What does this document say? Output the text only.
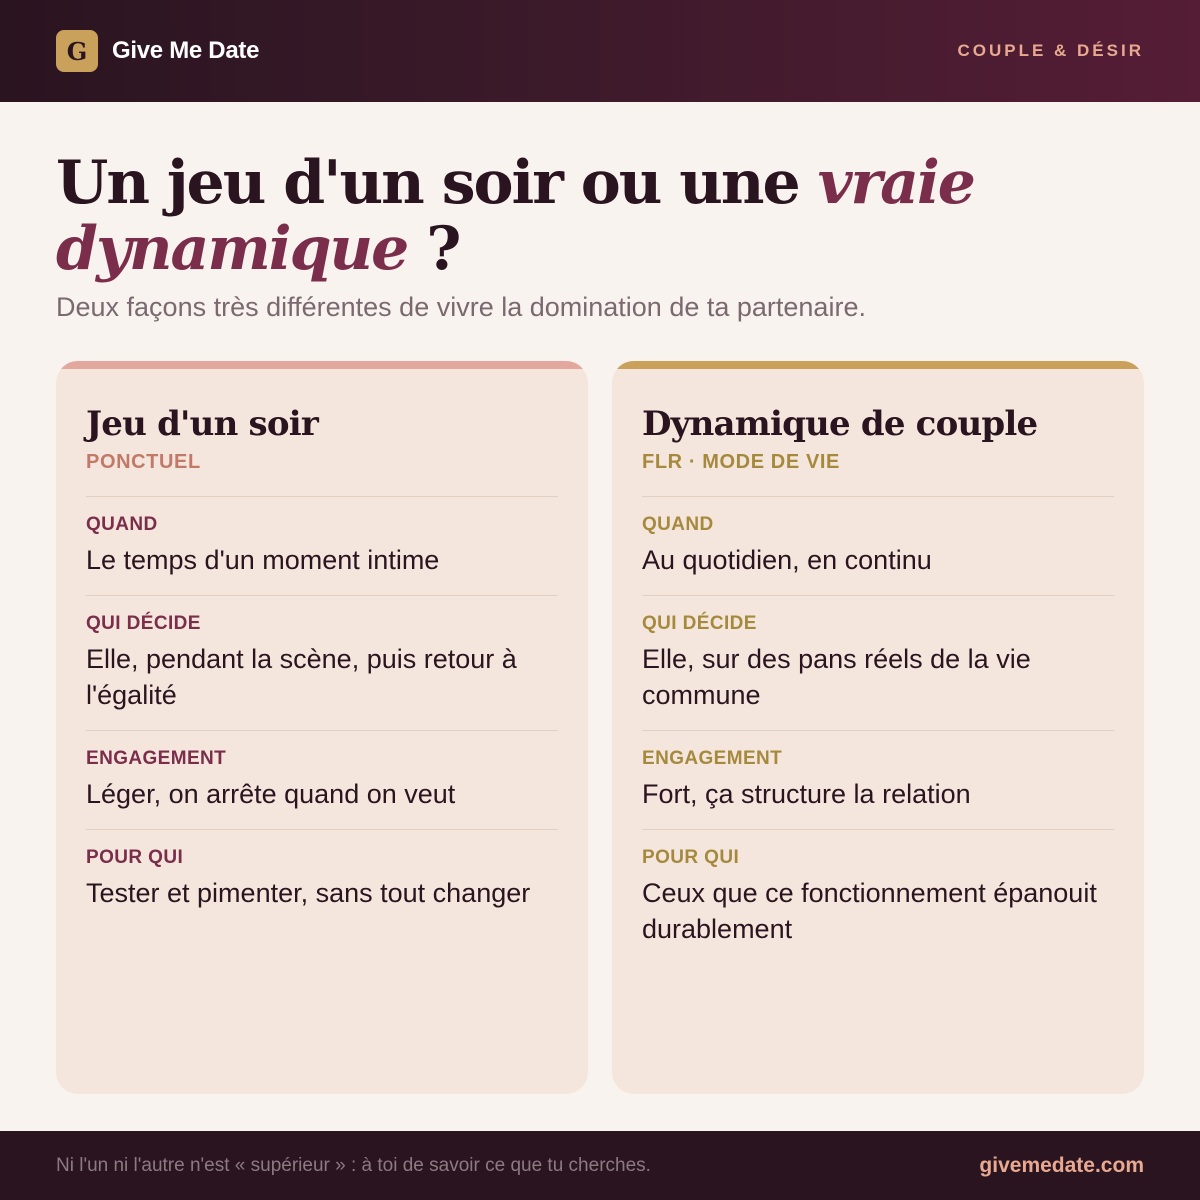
G	Give Me Date	COUPLE & DÉSIR
Un jeu d'un soir ou une vraie
dynamique ?
Deux façons très différentes de vivre la domination de ta partenaire.
Jeu d'un soir
PONCTUEL
QUAND
Le temps d'un moment intime
QUI DÉCIDE
Elle, pendant la scène, puis retour à l'égalité
ENGAGEMENT
Léger, on arrête quand on veut
POUR QUI
Tester et pimenter, sans tout changer
Dynamique de couple
FLR · MODE DE VIE
QUAND
Au quotidien, en continu
QUI DÉCIDE
Elle, sur des pans réels de la vie commune
ENGAGEMENT
Fort, ça structure la relation
POUR QUI
Ceux que ce fonctionnement épanouit durablement
Ni l'un ni l'autre n'est « supérieur » : à toi de savoir ce que tu cherches.	givemedate.com
